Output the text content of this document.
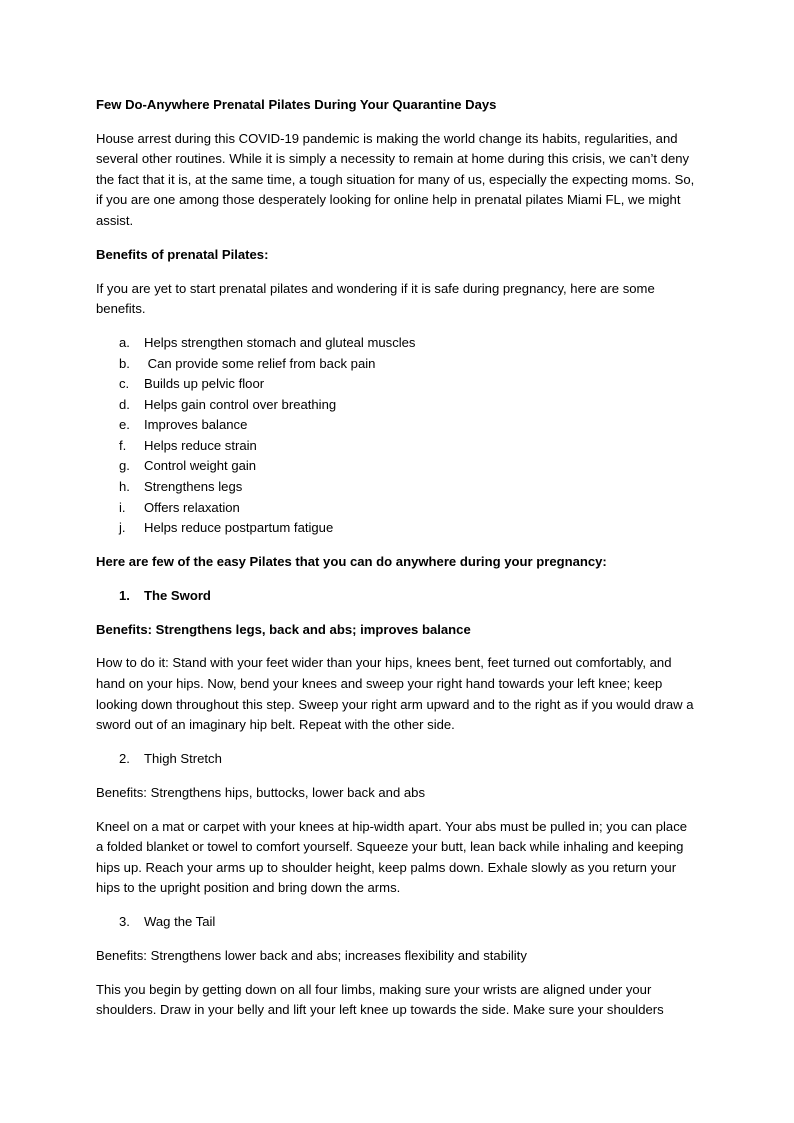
Few Do-Anywhere Prenatal Pilates During Your Quarantine Days

House arrest during this COVID-19 pandemic is making the world change its habits, regularities, and several other routines. While it is simply a necessity to remain at home during this crisis, we can’t deny the fact that it is, at the same time, a tough situation for many of us, especially the expecting moms. So, if you are one among those desperately looking for online help in prenatal pilates Miami FL, we might assist.

Benefits of prenatal Pilates:

If you are yet to start prenatal pilates and wondering if it is safe during pregnancy, here are some benefits.

a. Helps strengthen stomach and gluteal muscles
b. Can provide some relief from back pain
c. Builds up pelvic floor
d. Helps gain control over breathing
e. Improves balance
f. Helps reduce strain
g. Control weight gain
h. Strengthens legs
i. Offers relaxation
j. Helps reduce postpartum fatigue

Here are few of the easy Pilates that you can do anywhere during your pregnancy:

1. The Sword

Benefits: Strengthens legs, back and abs; improves balance

How to do it: Stand with your feet wider than your hips, knees bent, feet turned out comfortably, and hand on your hips. Now, bend your knees and sweep your right hand towards your left knee; keep looking down throughout this step. Sweep your right arm upward and to the right as if you would draw a sword out of an imaginary hip belt. Repeat with the other side.

2. Thigh Stretch

Benefits: Strengthens hips, buttocks, lower back and abs

Kneel on a mat or carpet with your knees at hip-width apart. Your abs must be pulled in; you can place a folded blanket or towel to comfort yourself. Squeeze your butt, lean back while inhaling and keeping hips up. Reach your arms up to shoulder height, keep palms down. Exhale slowly as you return your hips to the upright position and bring down the arms.

3. Wag the Tail

Benefits: Strengthens lower back and abs; increases flexibility and stability

This you begin by getting down on all four limbs, making sure your wrists are aligned under your shoulders. Draw in your belly and lift your left knee up towards the side. Make sure your shoulders
